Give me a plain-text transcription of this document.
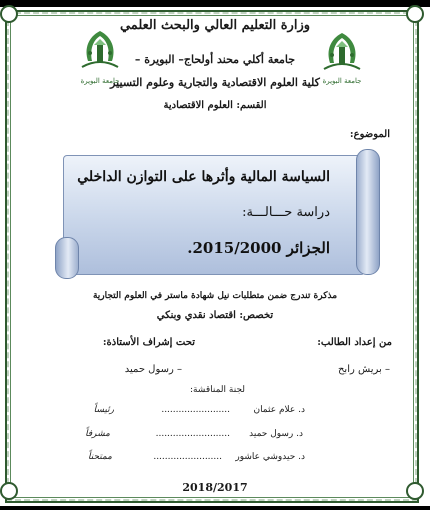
وزارة التعليم العالي والبحث العلمي
جامعة أكلي محند أولحاج– البويرة –
كلية العلوم الاقتصادية والتجارية وعلوم التسيير
القسم: العلوم الاقتصادية
جامعة البويرة	جامعة البويرة
الموضوع:
السياسة المالية وأثرها على التوازن الداخلي
دراسة حـــالـــة:
الجزائر 2015/2000.
مذكرة تندرج ضمن متطلبات نيل شهادة ماستر في العلوم التجارية
تخصص: اقتصاد نقدي وبنكي
من إعداد الطالب:
تحت إشراف الأستاذة:
– بريش رابح
– رسول حميد
لجنة المناقشة:
د. علام عثمان
........................
رئيساً
د. رسول حميد
..........................
مشرفاً
د. حيدوشي عاشور
........................
ممتحناً
2018/2017
